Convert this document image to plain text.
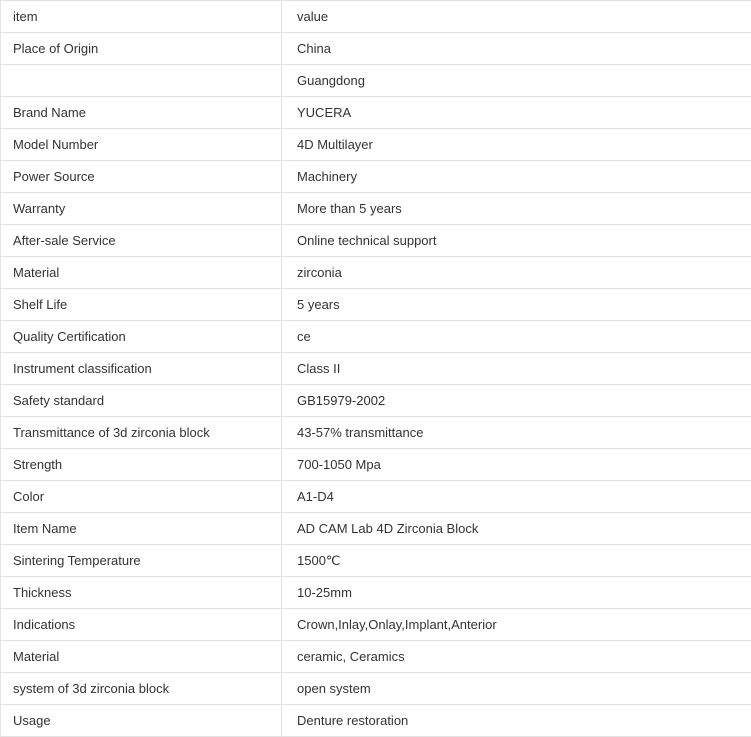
item	value
Place of Origin	China
	Guangdong
Brand Name	YUCERA
Model Number	4D Multilayer
Power Source	Machinery
Warranty	More than 5 years
After-sale Service	Online technical support
Material	zirconia
Shelf Life	5 years
Quality Certification	ce
Instrument classification	Class II
Safety standard	GB15979-2002
Transmittance of 3d zirconia block	43-57% transmittance
Strength	700-1050 Mpa
Color	A1-D4
Item Name	AD CAM Lab 4D Zirconia Block
Sintering Temperature	1500℃
Thickness	10-25mm
Indications	Crown,Inlay,Onlay,Implant,Anterior
Material	ceramic, Ceramics
system of 3d zirconia block	open system
Usage	Denture restoration
